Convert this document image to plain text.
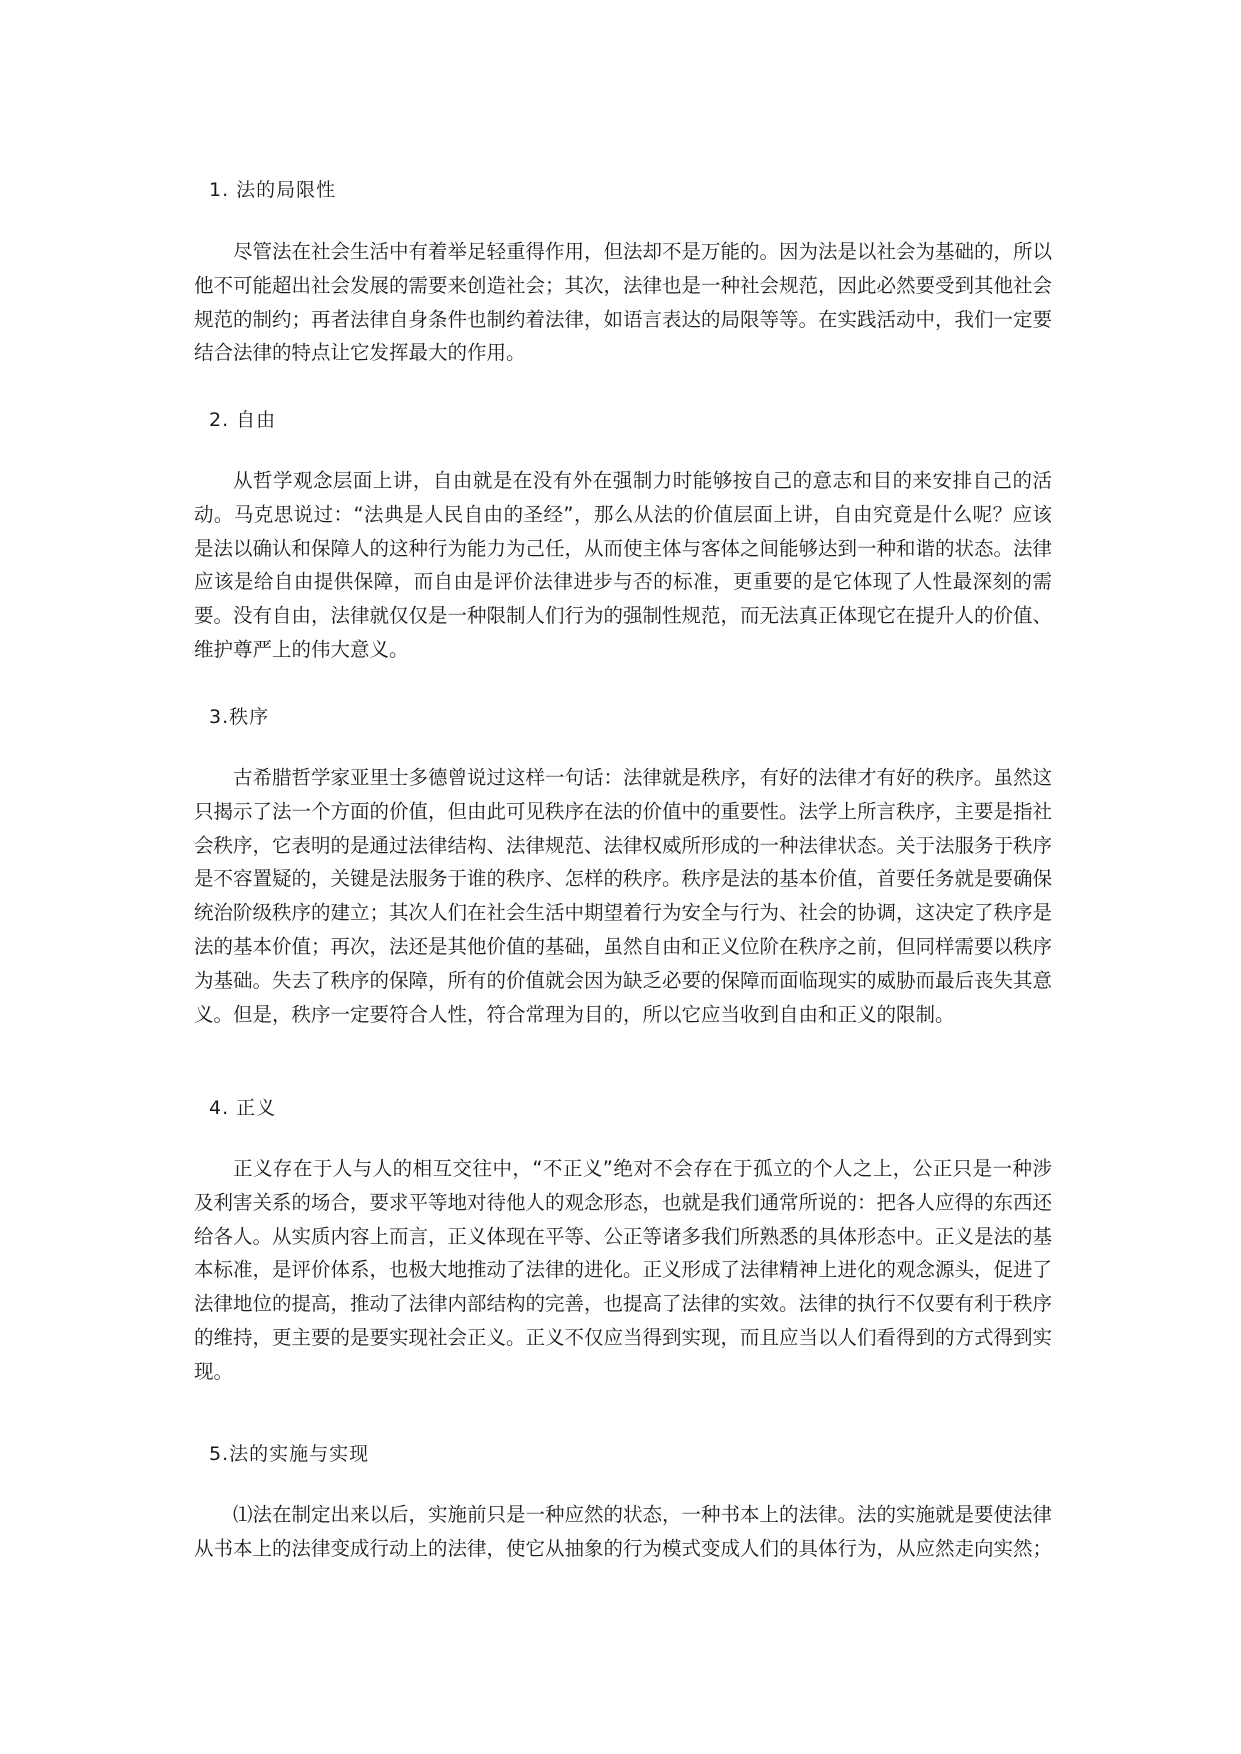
1. 法的局限性

尽管法在社会生活中有着举足轻重得作用，但法却不是万能的。因为法是以社会为基础的，所以他不可能超出社会发展的需要来创造社会；其次，法律也是一种社会规范，因此必然要受到其他社会规范的制约；再者法律自身条件也制约着法律，如语言表达的局限等等。在实践活动中，我们一定要结合法律的特点让它发挥最大的作用。

2. 自由

从哲学观念层面上讲，自由就是在没有外在强制力时能够按自己的意志和目的来安排自己的活动。马克思说过：“法典是人民自由的圣经”，那么从法的价值层面上讲，自由究竟是什么呢？应该是法以确认和保障人的这种行为能力为己任，从而使主体与客体之间能够达到一种和谐的状态。法律应该是给自由提供保障，而自由是评价法律进步与否的标准，更重要的是它体现了人性最深刻的需要。没有自由，法律就仅仅是一种限制人们行为的强制性规范，而无法真正体现它在提升人的价值、维护尊严上的伟大意义。

3.秩序

古希腊哲学家亚里士多德曾说过这样一句话：法律就是秩序，有好的法律才有好的秩序。虽然这只揭示了法一个方面的价值，但由此可见秩序在法的价值中的重要性。法学上所言秩序，主要是指社会秩序，它表明的是通过法律结构、法律规范、法律权威所形成的一种法律状态。关于法服务于秩序是不容置疑的，关键是法服务于谁的秩序、怎样的秩序。秩序是法的基本价值，首要任务就是要确保统治阶级秩序的建立；其次人们在社会生活中期望着行为安全与行为、社会的协调，这决定了秩序是法的基本价值；再次，法还是其他价值的基础，虽然自由和正义位阶在秩序之前，但同样需要以秩序为基础。失去了秩序的保障，所有的价值就会因为缺乏必要的保障而面临现实的威胁而最后丧失其意义。但是，秩序一定要符合人性，符合常理为目的，所以它应当收到自由和正义的限制。

4. 正义

正义存在于人与人的相互交往中，“不正义”绝对不会存在于孤立的个人之上，公正只是一种涉及利害关系的场合，要求平等地对待他人的观念形态，也就是我们通常所说的：把各人应得的东西还给各人。从实质内容上而言，正义体现在平等、公正等诸多我们所熟悉的具体形态中。正义是法的基本标准，是评价体系，也极大地推动了法律的进化。正义形成了法律精神上进化的观念源头，促进了法律地位的提高，推动了法律内部结构的完善，也提高了法律的实效。法律的执行不仅要有利于秩序的维持，更主要的是要实现社会正义。正义不仅应当得到实现，而且应当以人们看得到的方式得到实现。

5.法的实施与实现

⑴法在制定出来以后，实施前只是一种应然的状态，一种书本上的法律。法的实施就是要使法律从书本上的法律变成行动上的法律，使它从抽象的行为模式变成人们的具体行为，从应然走向实然；
